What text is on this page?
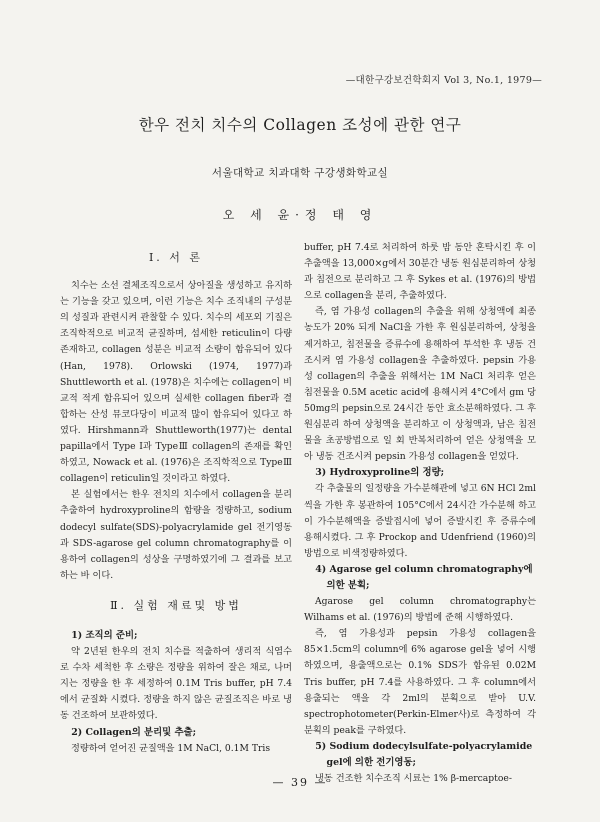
—대한구강보건학회지 Vol 3, No.1, 1979—
한우 전치 치수의 Collagen 조성에 관한 연구
서울대학교 치과대학 구강생화학교실
오 세 윤·정 태 영
I. 서 론

치수는 소선 결체조직으로서 상아질을 생성하고 유지하는 기능을 갖고 있으며, 이런 기능은 치수 조직내의 구성분의 성질과 관련시켜 관찰할 수 있다. 치수의 세포외 기질은 조직학적으로 비교적 균질하며, 섬세한 reticulin이 다량 존재하고, collagen 성분은 비교적 소량이 함유되어 있다(Han, 1978). Orlowski (1974, 1977)과 Shuttleworth et al. (1978)은 치수에는 collagen이 비교적 적게 함유되어 있으며 실세한 collagen fiber과 결합하는 산성 뮤코다당이 비교적 많이 함유되어 있다고 하였다. Hirshmann과 Shuttleworth(1977)는 dental papilla에서 Type I과 TypeⅢ collagen의 존재를 확인하였고, Nowack et al. (1976)은 조직학적으로 TypeⅢ collagen이 reticulin일 것이라고 하였다.

본 실험에서는 한우 전치의 치수에서 collagen을 분리 추출하여 hydroxyproline의 함량을 정량하고, sodium dodecyl sulfate(SDS)-polyacrylamide gel 전기영동과 SDS-agarose gel column chromatography를 이용하여 collagen의 성상을 구명하였기에 그 결과를 보고하는 바 이다.

Ⅱ. 실험 재료및 방법

1) 조직의 준비;

약 2년된 한우의 전치 치수를 적출하여 생리적 식염수로 수차 세척한 후 소량은 정량을 위하여 잘은 채로, 나머지는 정량을 한 후 세정하여 0.1M Tris buffer, pH 7.4에서 균질화 시켰다. 정량을 하지 않은 균질조직은 바로 냉동 건조하여 보관하였다.

2) Collagen의 분리및 추출;

정량하여 얻어진 균질액을 1M NaCl, 0.1M Tris

buffer, pH 7.4로 처리하여 하룻 밤 동안 혼탁시킨 후 이 추출액을 13,000×g에서 30분간 냉동 원심분리하여 상청과 침전으로 분리하고 그 후 Sykes et al. (1976)의 방법으로 collagen을 분리, 추출하였다.

즉, 염 가용성 collagen의 추출을 위해 상청액에 최종농도가 20% 되게 NaCl을 가한 후 원심분리하여, 상청을 제거하고, 침전물을 증류수에 용해하여 투석한 후 냉동 건조시켜 염 가용성 collagen을 추출하였다. pepsin 가용성 collagen의 추출을 위해서는 1M NaCl 처리후 얻은 침전물을 0.5M acetic acid에 용해시켜 4°C에서 gm 당 50mg의 pepsin으로 24시간 동안 효소분해하였다. 그 후 원심분리 하여 상청액을 분리하고 이 상청액과, 남은 침전물을 초공방법으로 일 회 반복처리하여 얻은 상청액을 모아 냉동 건조시켜 pepsin 가용성 collagen을 얻었다.

3) Hydroxyproline의 정량;

각 추출물의 일정량을 가수분해관에 넣고 6N HCl 2ml씩을 가한 후 봉관하여 105°C에서 24시간 가수분해 하고 이 가수분해액을 증발접시에 넣어 증발시킨 후 증류수에 용해시켰다. 그 후 Prockop and Udenfriend (1960)의 방법으로 비색정량하였다.

4) Agarose gel column chromatography에

의한 분획;

Agarose gel column chromatography는 Wilhams et al. (1976)의 방법에 준해 시행하였다.

즉, 염 가용성과 pepsin 가용성 collagen을 85×1.5cm의 column에 6% agarose gel을 넣어 시행하였으며, 용출액으로는 0.1% SDS가 함유된 0.02M Tris buffer, pH 7.4를 사용하였다. 그 후 column에서 용출되는 액을 각 2ml의 분획으로 받아 U.V. spectrophotometer(Perkin-Elmer사)로 측정하여 각 분획의 peak를 구하였다.

5) Sodium dodecylsulfate-polyacrylamide

gel에 의한 전기영동;

냉동 건조한 치수조직 시료는 1% β-mercaptoe-

— 39 —
